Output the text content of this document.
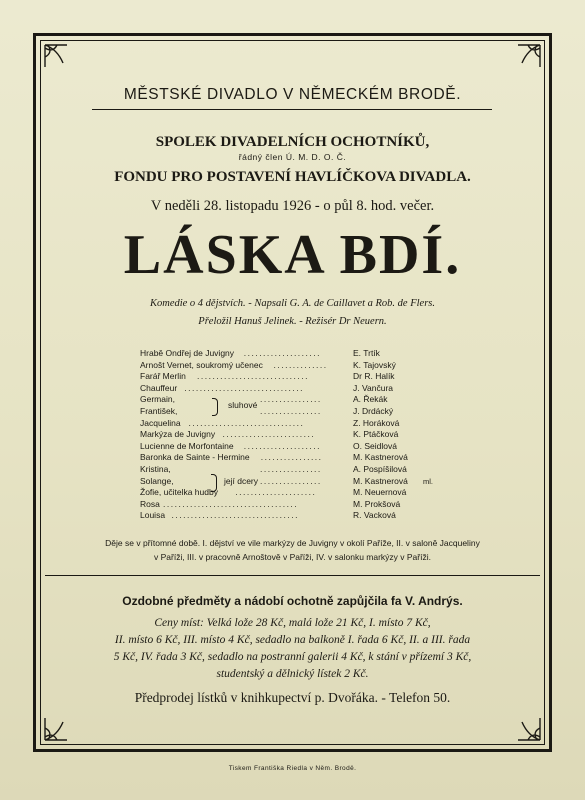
MĚSTSKÉ DIVADLO V NĚMECKÉM BRODĚ.
SPOLEK DIVADELNÍCH OCHOTNÍKŮ,
řádný člen Ú. M. D. O. Č.
FONDU PRO POSTAVENÍ HAVLÍČKOVA DIVADLA.
V neděli 28. listopadu 1926 - o půl 8. hod. večer.
LÁSKA BDÍ.
Komedie o 4 dějstvích. - Napsali G. A. de Caillavet a Rob. de Flers.
Přeložil Hanuš Jelinek. - Režisér Dr Neuern.
Hrabě Ondřej de Juvigny ....................	E. Trtík
Arnošt Vernet, soukromý učenec ..............	K. Tajovský
Farář Merlin .............................	Dr R. Halík
Chauffeur ...............................	J. Vančura
Germain,	................	A. Řekák
František,	................	J. Drdácký
Jacquelina ..............................	Z. Horáková
Markýza de Juvigny ........................	K. Ptáčková
Lucienne de Morfontaine ....................	O. Seidlová
Baronka de Sainte - Hermine ................	M. Kastnerová
Kristina,	................	A. Pospíšilová
Solange,	................	M. Kastnerová ml.
Žofie, učitelka hudby .....................	M. Neuernová
Rosa ...................................	M. Prokšová
Louisa .................................	R. Vacková
sluhové
její dcery
Děje se v přítomné době. I. dějství ve vile markýzy de Juvigny v okolí Paříže, II. v saloně Jacqueliny
v Paříži, III. v pracovně Arnoštově v Paříži, IV. v salonku markýzy v Paříži.
Ozdobné předměty a nádobí ochotně zapůjčila fa V. Andrýs.
Ceny míst: Velká lože 28 Kč, malá lože 21 Kč, I. místo 7 Kč,
II. místo 6 Kč, III. místo 4 Kč, sedadlo na balkoně I. řada 6 Kč, II. a III. řada
5 Kč, IV. řada 3 Kč, sedadlo na postranní galerii 4 Kč, k stání v přízemí 3 Kč,
studentský a dělnický lístek 2 Kč.
Předprodej lístků v knihkupectví p. Dvořáka. - Telefon 50.
Tiskem Františka Riedla v Něm. Brodě.
